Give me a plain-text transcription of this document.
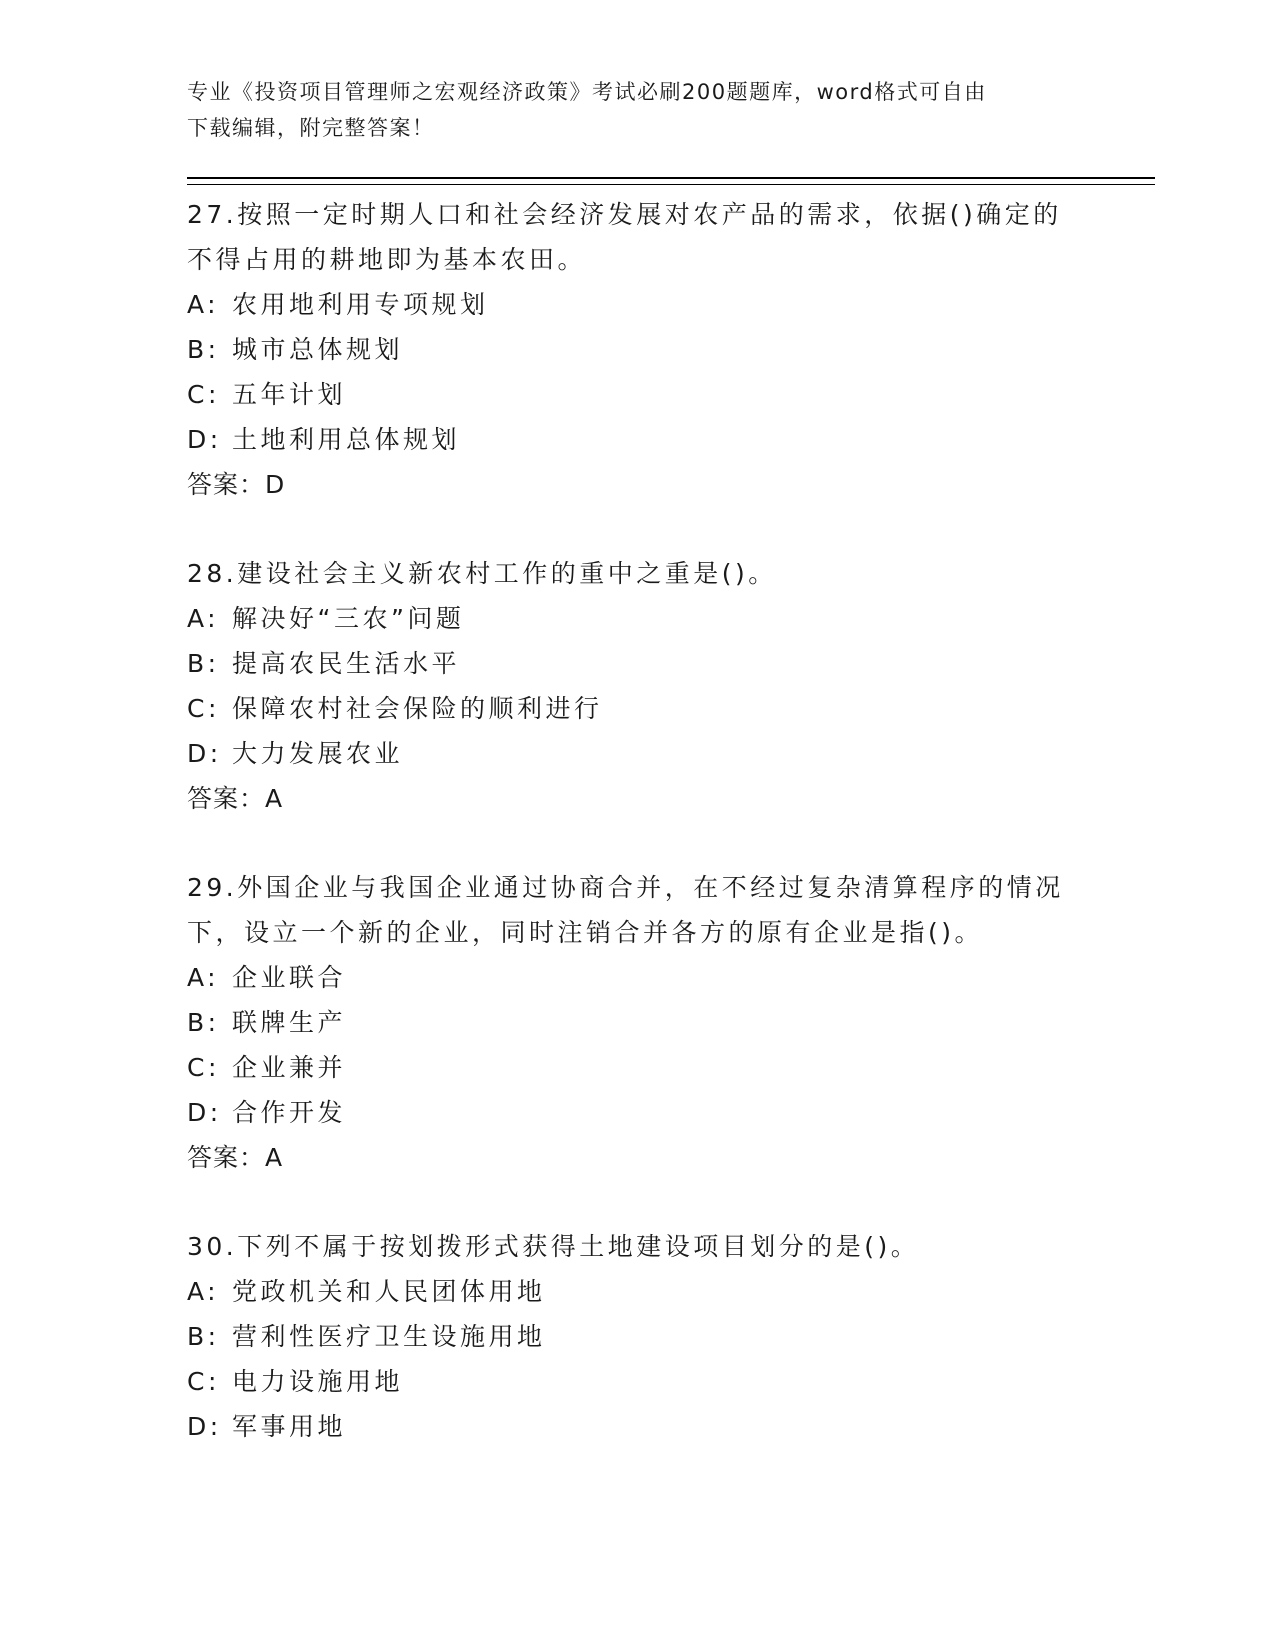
专业《投资项目管理师之宏观经济政策》考试必刷200题题库，word格式可自由
下载编辑，附完整答案！
27.按照一定时期人口和社会经济发展对农产品的需求，依据()确定的
不得占用的耕地即为基本农田。
A: 农用地利用专项规划
B: 城市总体规划
C: 五年计划
D: 土地利用总体规划
答案：D
28.建设社会主义新农村工作的重中之重是()。
A: 解决好“三农”问题
B: 提高农民生活水平
C: 保障农村社会保险的顺利进行
D: 大力发展农业
答案：A
29.外国企业与我国企业通过协商合并，在不经过复杂清算程序的情况
下，设立一个新的企业，同时注销合并各方的原有企业是指()。
A: 企业联合
B: 联牌生产
C: 企业兼并
D: 合作开发
答案：A
30.下列不属于按划拨形式获得土地建设项目划分的是()。
A: 党政机关和人民团体用地
B: 营利性医疗卫生设施用地
C: 电力设施用地
D: 军事用地
